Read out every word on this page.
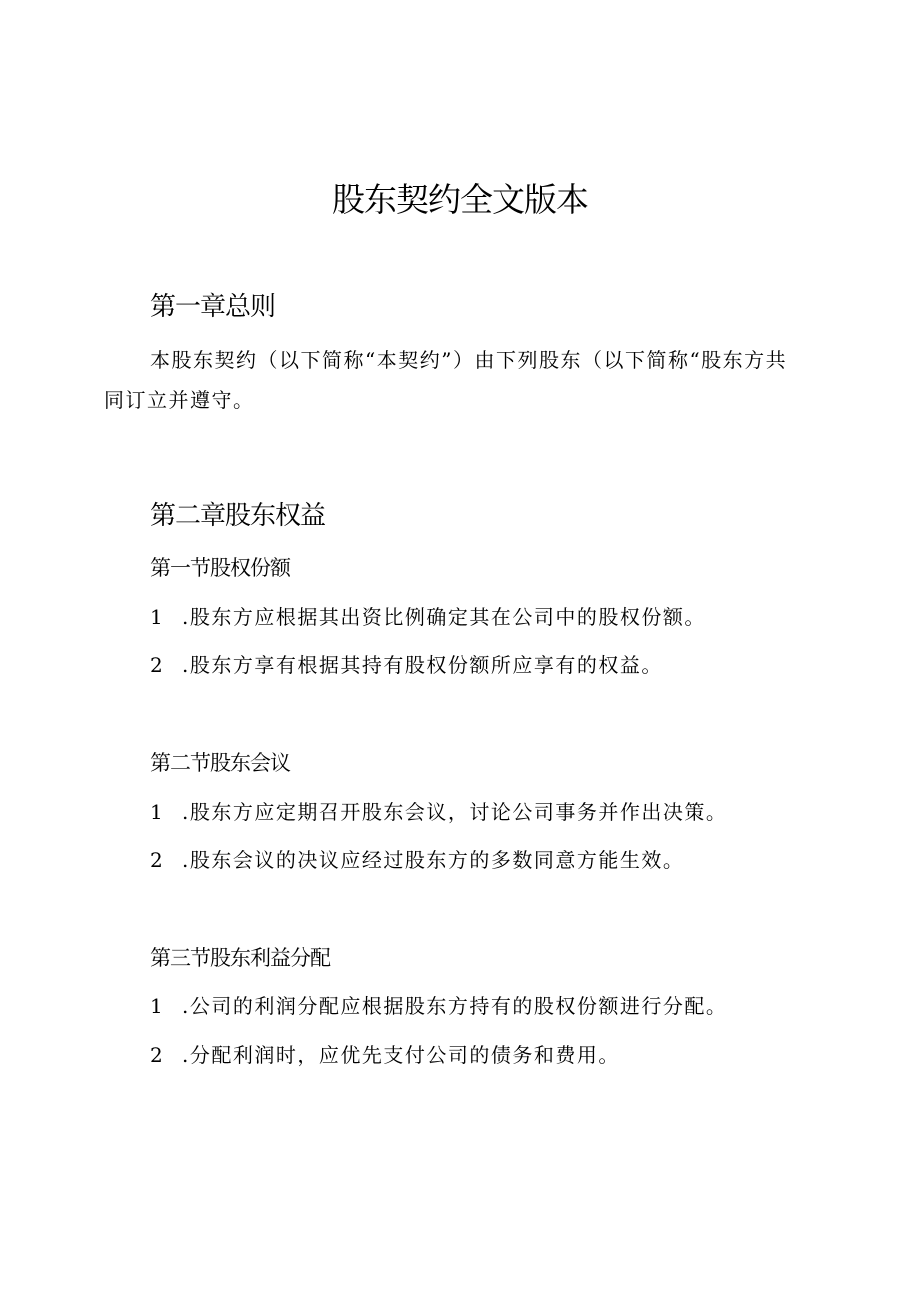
股东契约全文版本
第一章总则

本股东契约（以下简称“本契约”）由下列股东（以下简称“股东方共同订立并遵守。

第二章股东权益
第一节股权份额

1 .股东方应根据其出资比例确定其在公司中的股权份额。

2 .股东方享有根据其持有股权份额所应享有的权益。

第二节股东会议

1 .股东方应定期召开股东会议，讨论公司事务并作出决策。

2 .股东会议的决议应经过股东方的多数同意方能生效。

第三节股东利益分配

1 .公司的利润分配应根据股东方持有的股权份额进行分配。

2 .分配利润时，应优先支付公司的债务和费用。
